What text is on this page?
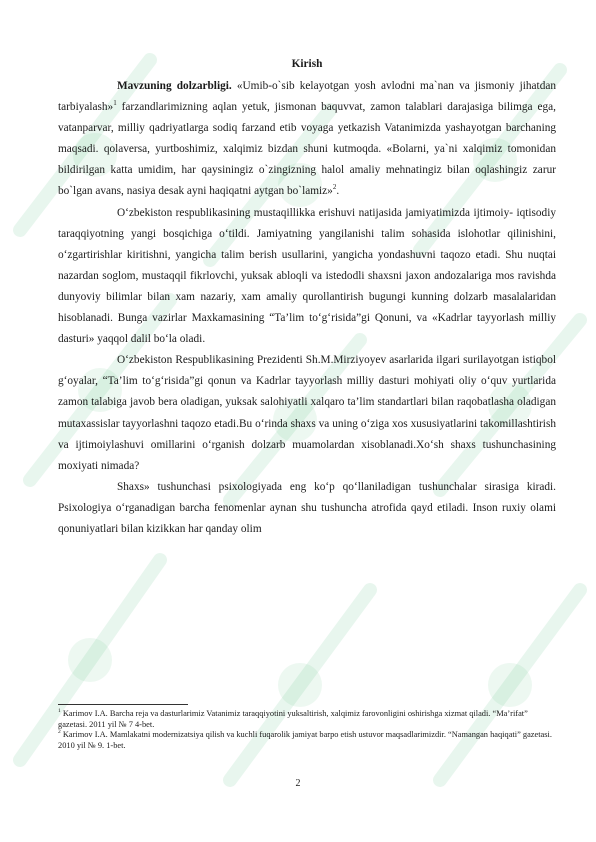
Kirish

Mavzuning dolzarbligi. «Umib-o`sib kelayotgan yosh avlodni ma`nan va jismoniy jihatdan tarbiyalash»$^1$ farzandlarimizning aqlan yetuk, jismonan baquvvat, zamon talablari darajasiga bilimga ega, vatanparvar, milliy qadriyatlarga sodiq farzand etib voyaga yetkazish Vatanimizda yashayotgan barchaning maqsadi. qolaversa, yurtboshimiz, xalqimiz bizdan shuni kutmoqda. «Bolarni, ya`ni xalqimiz tomonidan bildirilgan katta umidim, har qaysiningiz o`zingizning halol amaliy mehnatingiz bilan oqlashingiz zarur bo`lgan avans, nasiya desak ayni haqiqatni aytgan bo`lamiz»$^2$.

O‘zbekiston respublikasining mustaqillikka erishuvi natijasida jamiyatimizda ijtimoiy- iqtisodiy taraqqiyotning yangi bosqichiga o‘tildi. Jamiyatning yangilanishi talim sohasida islohotlar qilinishini, o‘zgartirishlar kiritishni, yangicha talim berish usullarini, yangicha yondashuvni taqozo etadi. Shu nuqtai nazardan soglom, mustaqqil fikrlovchi, yuksak abloqli va istedodli shaxsni jaxon andozalariga mos ravishda dunyoviy bilimlar bilan xam nazariy, xam amaliy qurollantirish bugungi kunning dolzarb masalalaridan hisoblanadi. Bunga vazirlar Maxkamasining “Ta’lim to‘g‘risida”gi Qonuni, va «Kadrlar tayyorlash milliy dasturi» yaqqol dalil bo‘la oladi.

O‘zbekiston Respublikasining Prezidenti Sh.M.Mirziyoyev asarlarida ilgari surilayotgan istiqbol g‘oyalar, “Ta’lim to‘g‘risida”gi qonun va Kadrlar tayyorlash milliy dasturi mohiyati oliy o‘quv yurtlarida zamon talabiga javob bera oladigan, yuksak salohiyatli xalqaro ta’lim standartlari bilan raqobatlasha oladigan mutaxassislar tayyorlashni taqozo etadi.Bu o‘rinda shaxs va uning o‘ziga xos xususiyatlarini takomillashtirish va ijtimoiylashuvi omillarini o‘rganish dolzarb muamolardan xisoblanadi.Xo‘sh shaxs tushunchasining moxiyati nimada?

Shaxs» tushunchasi psixologiyada eng ko‘p qo‘llaniladigan tushunchalar sirasiga kiradi. Psixologiya o‘rganadigan barcha fenomenlar aynan shu tushuncha atrofida qayd etiladi. Inson ruxiy olami qonuniyatlari bilan kizikkan har qanday olim

$^1$ Karimov I.A. Barcha reja va dasturlarimiz Vatanimiz taraqqiyotini yuksaltirish, xalqimiz farovonligini oshirishga xizmat qiladi. “Ma’rifat” gazetasi. 2011 yil № 7 4-bet.

$^2$ Karimov I.A. Mamlakatni modernizatsiya qilish va kuchli fuqarolik jamiyat barpo etish ustuvor maqsadlarimizdir. “Namangan haqiqati” gazetasi. 2010 yil № 9. 1-bet.

2
